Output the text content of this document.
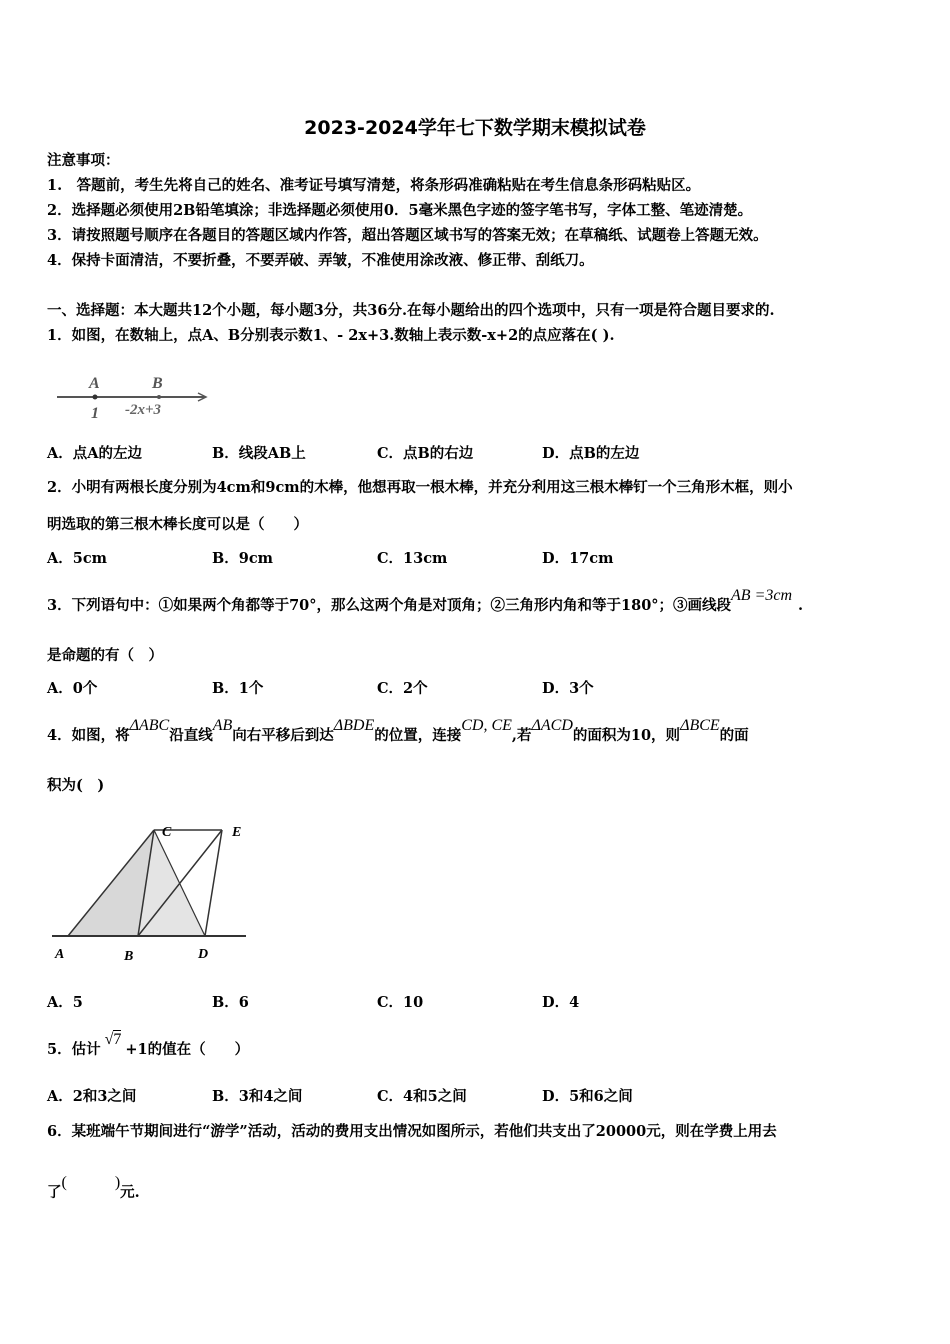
2023-2024学年七下数学期末模拟试卷
注意事项：
1.　答题前，考生先将自己的姓名、准考证号填写清楚，将条形码准确粘贴在考生信息条形码粘贴区。
2．选择题必须使用2B铅笔填涂；非选择题必须使用0．5毫米黑色字迹的签字笔书写，字体工整、笔迹清楚。
3．请按照题号顺序在各题目的答题区域内作答，超出答题区域书写的答案无效；在草稿纸、试题卷上答题无效。
4．保持卡面清洁，不要折叠，不要弄破、弄皱，不准使用涂改液、修正带、刮纸刀。
一、选择题：本大题共12个小题，每小题3分，共36分.在每小题给出的四个选项中，只有一项是符合题目要求的.
1．如图，在数轴上，点A、B分别表示数1、- 2x+3.数轴上表示数-x+2的点应落在( ).
A	B
1 -2x+3
A．点A的左边	B．线段AB上	C．点B的右边	D．点B的左边
2．小明有两根长度分别为4cm和9cm的木棒，他想再取一根木棒，并充分利用这三根木棒钉一个三角形木框，则小
明选取的第三根木棒长度可以是（　　）
A．5cm	B．9cm	C．13cm	D．17cm
3．下列语句中：①如果两个角都等于70°，那么这两个角是对顶角；②三角形内角和等于180°；③画线段AB =3cm.
是命题的有（　）
A．0个	B．1个	C．2个	D．3个
4．如图，将ΔABC沿直线AB向右平移后到达ΔBDE的位置，连接CD, CE,若ΔACD的面积为10，则ΔBCE的面
积为(　)
A	B
C
D
E
A．5	B．6	C．10	D．4
5．估计√7+1的值在（　　）
A．2和3之间	B．3和4之间	C．4和5之间	D．5和6之间
6．某班端午节期间进行“游学”活动，活动的费用支出情况如图所示，若他们共支出了20000元，则在学费上用去
了(　　　)元.
